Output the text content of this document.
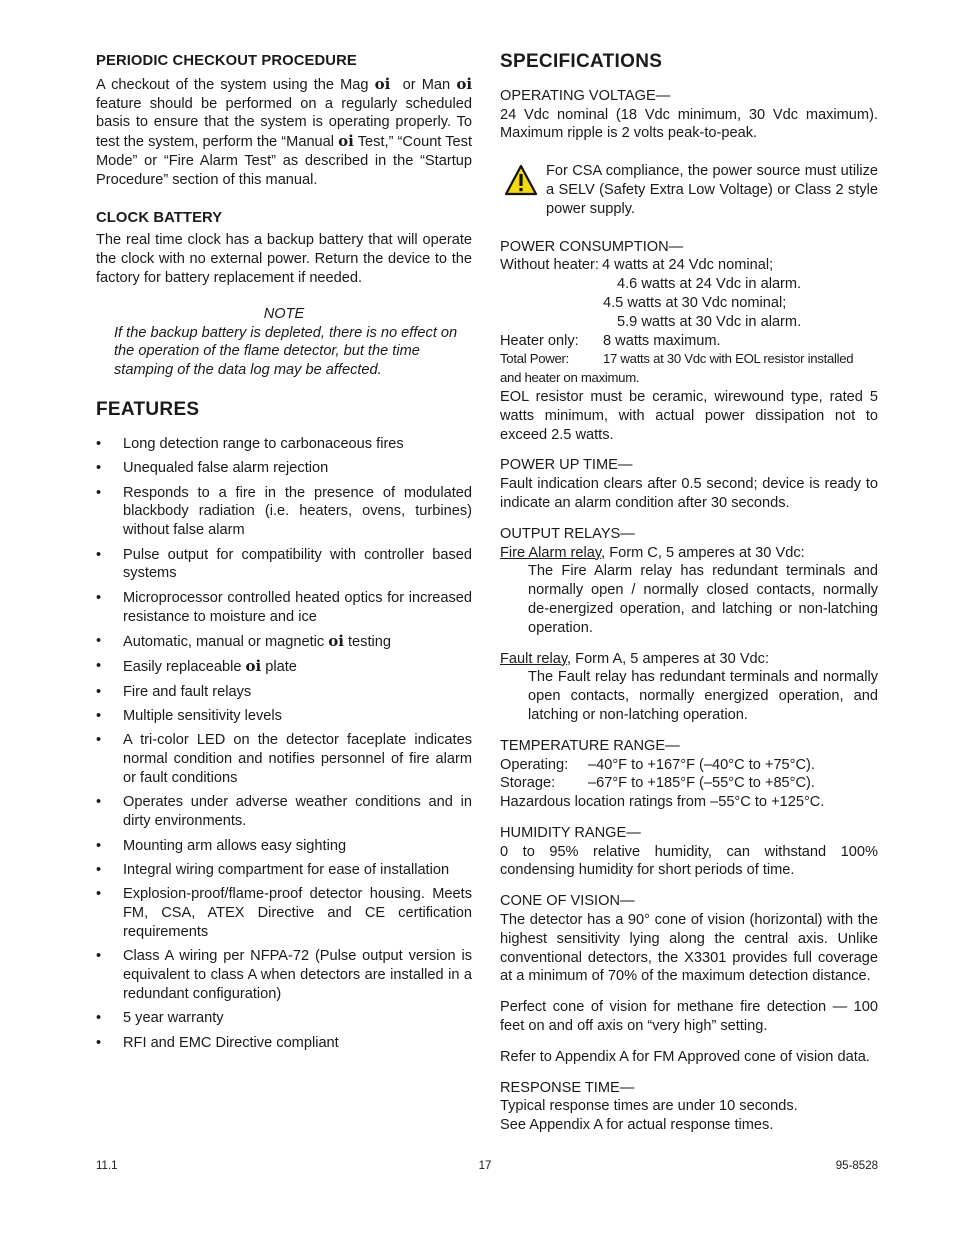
PERIODIC CHECKOUT PROCEDURE

A checkout of the system using the Mag oi or Man oi feature should be performed on a regularly scheduled basis to ensure that the system is operating properly. To test the system, perform the “Manual oi Test,” “Count Test Mode” or “Fire Alarm Test” as described in the “Startup Procedure” section of this manual.

CLOCK BATTERY

The real time clock has a backup battery that will operate the clock with no external power. Return the device to the factory for battery replacement if needed.

NOTE

If the backup battery is depleted, there is no effect on the operation of the flame detector, but the time stamping of the data log may be affected.

FEATURES
• Long detection range to carbonaceous fires
• Unequaled false alarm rejection
• Responds to a fire in the presence of modulated blackbody radiation (i.e. heaters, ovens, turbines) without false alarm
• Pulse output for compatibility with controller based systems
• Microprocessor controlled heated optics for increased resistance to moisture and ice
• Automatic, manual or magnetic oi testing
• Easily replaceable oi plate
• Fire and fault relays
• Multiple sensitivity levels
• A tri-color LED on the detector faceplate indicates normal condition and notifies personnel of fire alarm or fault conditions
• Operates under adverse weather conditions and in dirty environments.
• Mounting arm allows easy sighting
• Integral wiring compartment for ease of installation
• Explosion-proof/flame-proof detector housing. Meets FM, CSA, ATEX Directive and CE certification requirements
• Class A wiring per NFPA-72 (Pulse output version is equivalent to class A when detectors are installed in a redundant configuration)
• 5 year warranty
• RFI and EMC Directive compliant
SPECIFICATIONS

OPERATING VOLTAGE—

24 Vdc nominal (18 Vdc minimum, 30 Vdc maximum). Maximum ripple is 2 volts peak-to-peak.

For CSA compliance, the power source must utilize a SELV (Safety Extra Low Voltage) or Class 2 style power supply.

POWER CONSUMPTION—

Without heater: 4 watts at 24 Vdc nominal;

4.6 watts at 24 Vdc in alarm.

4.5 watts at 30 Vdc nominal;

5.9 watts at 30 Vdc in alarm.

Heater only:	8 watts maximum.
Total Power:	17 watts at 30 Vdc with EOL resistor installed

and heater on maximum.

EOL resistor must be ceramic, wirewound type, rated 5 watts minimum, with actual power dissipation not to exceed 2.5 watts.

POWER UP TIME—

Fault indication clears after 0.5 second; device is ready to indicate an alarm condition after 30 seconds.

OUTPUT RELAYS—

Fire Alarm relay, Form C, 5 amperes at 30 Vdc:

The Fire Alarm relay has redundant terminals and normally open / normally closed contacts, normally de-energized operation, and latching or non-latching operation.

Fault relay, Form A, 5 amperes at 30 Vdc:

The Fault relay has redundant terminals and normally open contacts, normally energized operation, and latching or non-latching operation.

TEMPERATURE RANGE—

Operating:	–40°F to +167°F (–40°C to +75°C).
Storage:	–67°F to +185°F (–55°C to +85°C).

Hazardous location ratings from –55°C to +125°C.

HUMIDITY RANGE—

0 to 95% relative humidity, can withstand 100% condensing humidity for short periods of time.

CONE OF VISION—

The detector has a 90° cone of vision (horizontal) with the highest sensitivity lying along the central axis. Unlike conventional detectors, the X3301 provides full coverage at a minimum of 70% of the maximum detection distance.

Perfect cone of vision for methane fire detection — 100 feet on and off axis on “very high” setting.

Refer to Appendix A for FM Approved cone of vision data.

RESPONSE TIME—

Typical response times are under 10 seconds.

See Appendix A for actual response times.

11.1	17	95-8528
